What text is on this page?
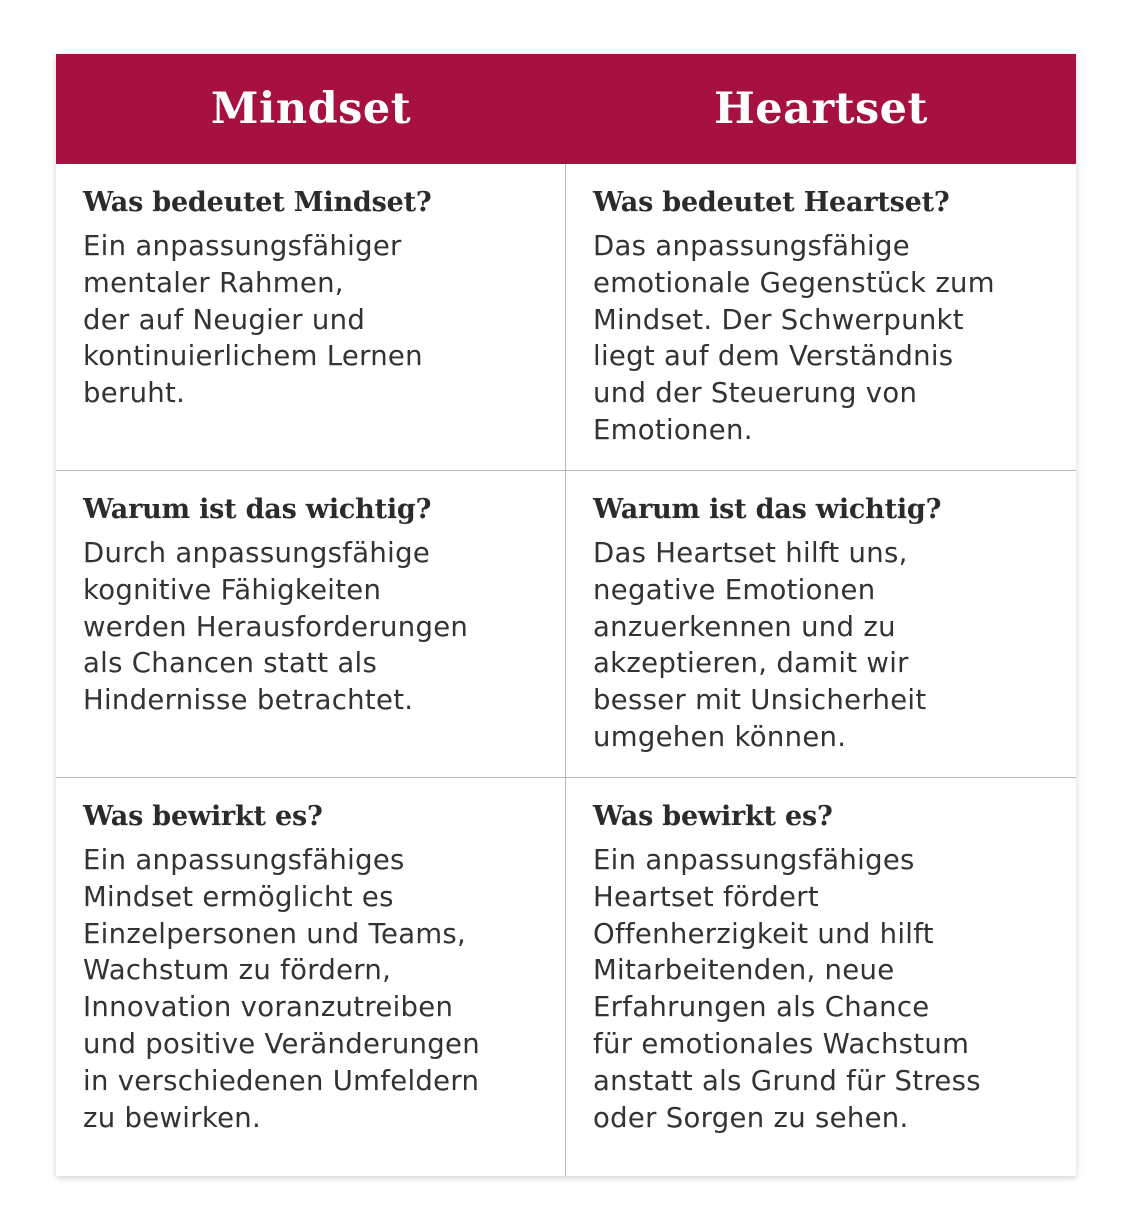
Mindset	Heartset
Was bedeutet Mindset?

Ein anpassungsfähiger
mentaler Rahmen,
der auf Neugier und
kontinuierlichem Lernen
beruht.

Was bedeutet Heartset?

Das anpassungsfähige
emotionale Gegenstück zum
Mindset. Der Schwerpunkt
liegt auf dem Verständnis
und der Steuerung von
Emotionen.

Warum ist das wichtig?

Durch anpassungsfähige
kognitive Fähigkeiten
werden Herausforderungen
als Chancen statt als
Hindernisse betrachtet.

Warum ist das wichtig?

Das Heartset hilft uns,
negative Emotionen
anzuerkennen und zu
akzeptieren, damit wir
besser mit Unsicherheit
umgehen können.

Was bewirkt es?

Ein anpassungsfähiges
Mindset ermöglicht es
Einzelpersonen und Teams,
Wachstum zu fördern,
Innovation voranzutreiben
und positive Veränderungen
in verschiedenen Umfeldern
zu bewirken.

Was bewirkt es?

Ein anpassungsfähiges
Heartset fördert
Offenherzigkeit und hilft
Mitarbeitenden, neue
Erfahrungen als Chance
für emotionales Wachstum
anstatt als Grund für Stress
oder Sorgen zu sehen.
